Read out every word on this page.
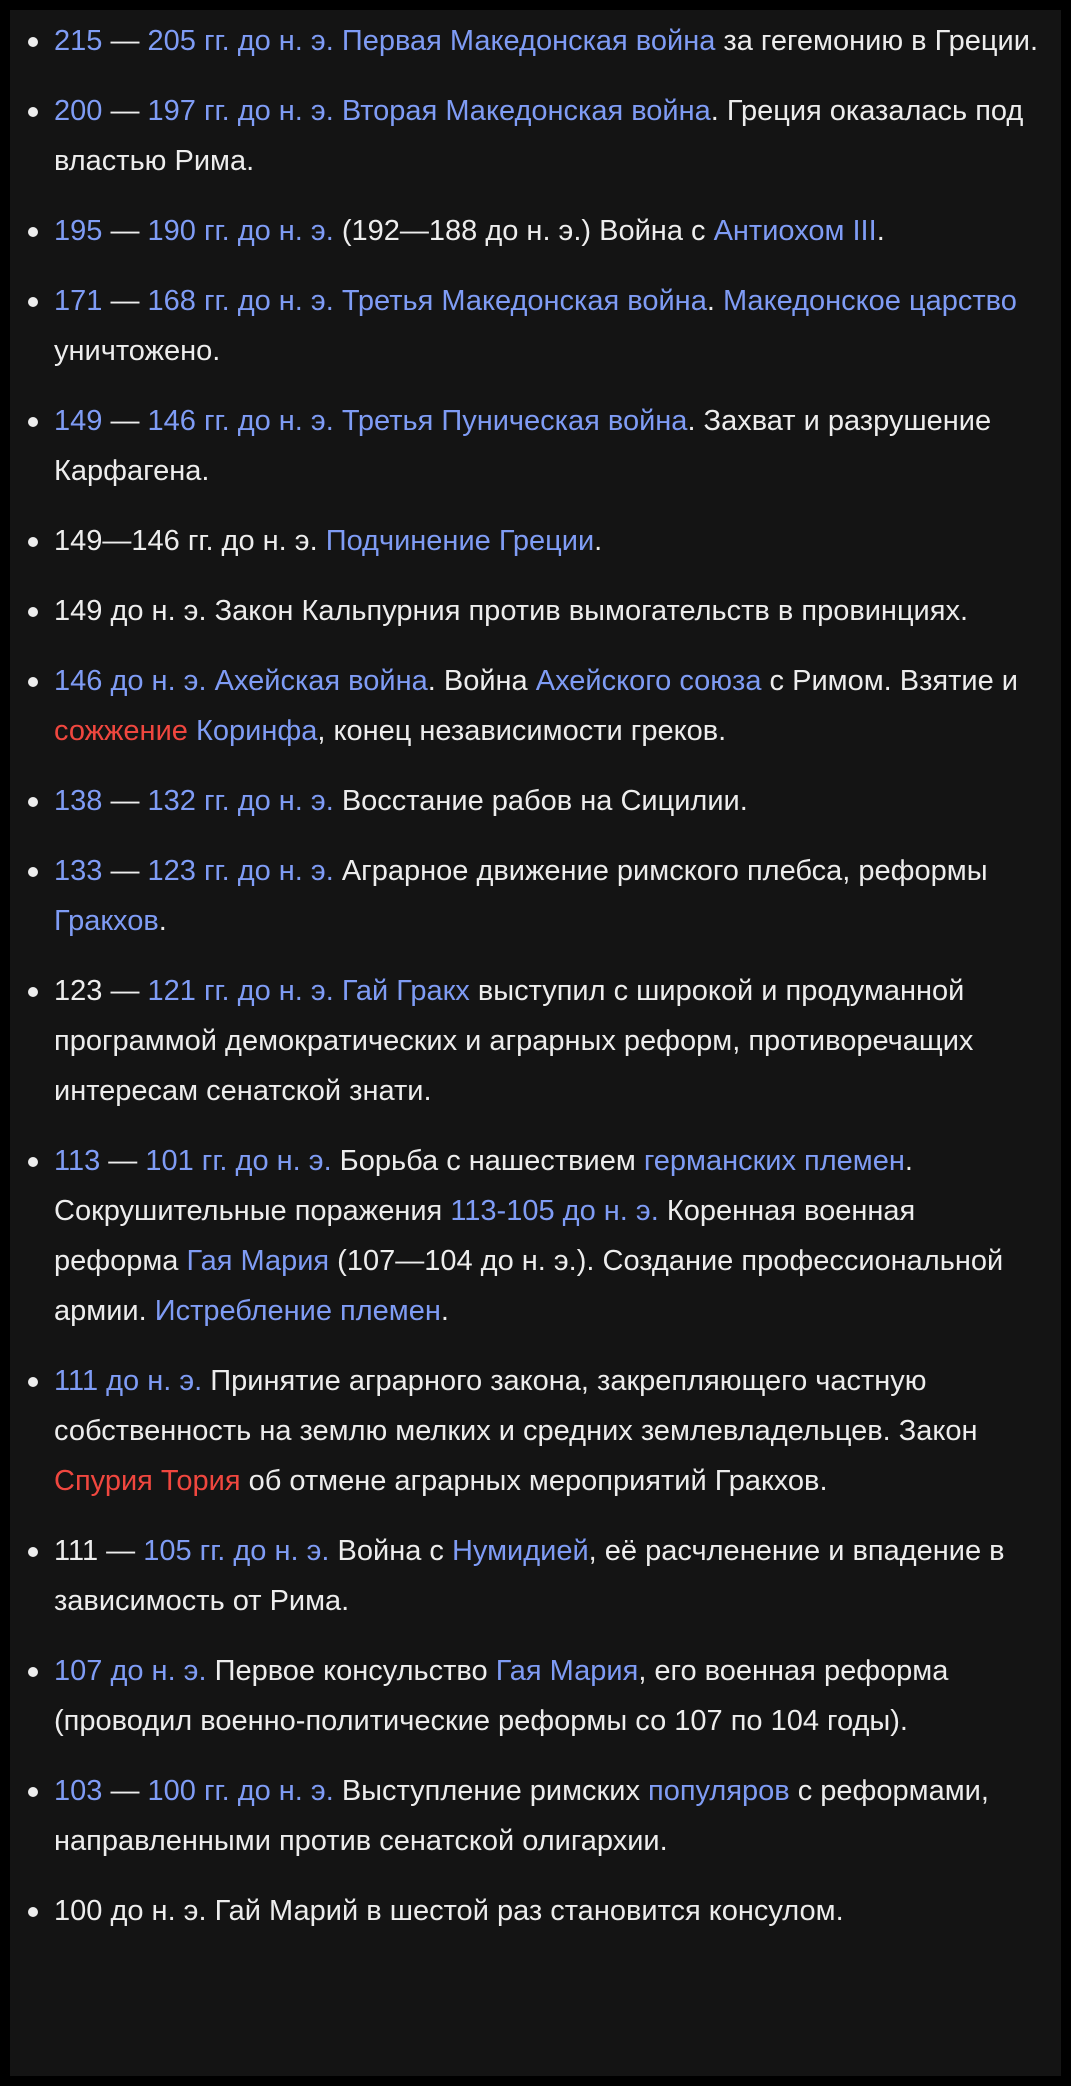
215 — 205 гг. до н. э. Первая Македонская война за гегемонию в Греции.
200 — 197 гг. до н. э. Вторая Македонская война. Греция оказалась под властью Рима.
195 — 190 гг. до н. э. (192—188 до н. э.) Война с Антиохом III.
171 — 168 гг. до н. э. Третья Македонская война. Македонское царство уничтожено.
149 — 146 гг. до н. э. Третья Пуническая война. Захват и разрушение Карфагена.
149—146 гг. до н. э. Подчинение Греции.
149 до н. э. Закон Кальпурния против вымогательств в провинциях.
146 до н. э. Ахейская война. Война Ахейского союза с Римом. Взятие и сожжение Коринфа, конец независимости греков.
138 — 132 гг. до н. э. Восстание рабов на Сицилии.
133 — 123 гг. до н. э. Аграрное движение римского плебса, реформы Гракхов.
123 — 121 гг. до н. э. Гай Гракх выступил с широкой и продуманной программой демократических и аграрных реформ, противоречащих интересам сенатской знати.
113 — 101 гг. до н. э. Борьба с нашествием германских племен. Сокрушительные поражения 113-105 до н. э. Коренная военная реформа Гая Мария (107—104 до н. э.). Создание профессиональной армии. Истребление племен.
111 до н. э. Принятие аграрного закона, закрепляющего частную собственность на землю мелких и средних землевладельцев. Закон Спурия Тория об отмене аграрных мероприятий Гракхов.
111 — 105 гг. до н. э. Война с Нумидией, её расчленение и впадение в зависимость от Рима.
107 до н. э. Первое консульство Гая Мария, его военная реформа (проводил военно-политические реформы со 107 по 104 годы).
103 — 100 гг. до н. э. Выступление римских популяров с реформами, направленными против сенатской олигархии.
100 до н. э. Гай Марий в шестой раз становится консулом.
